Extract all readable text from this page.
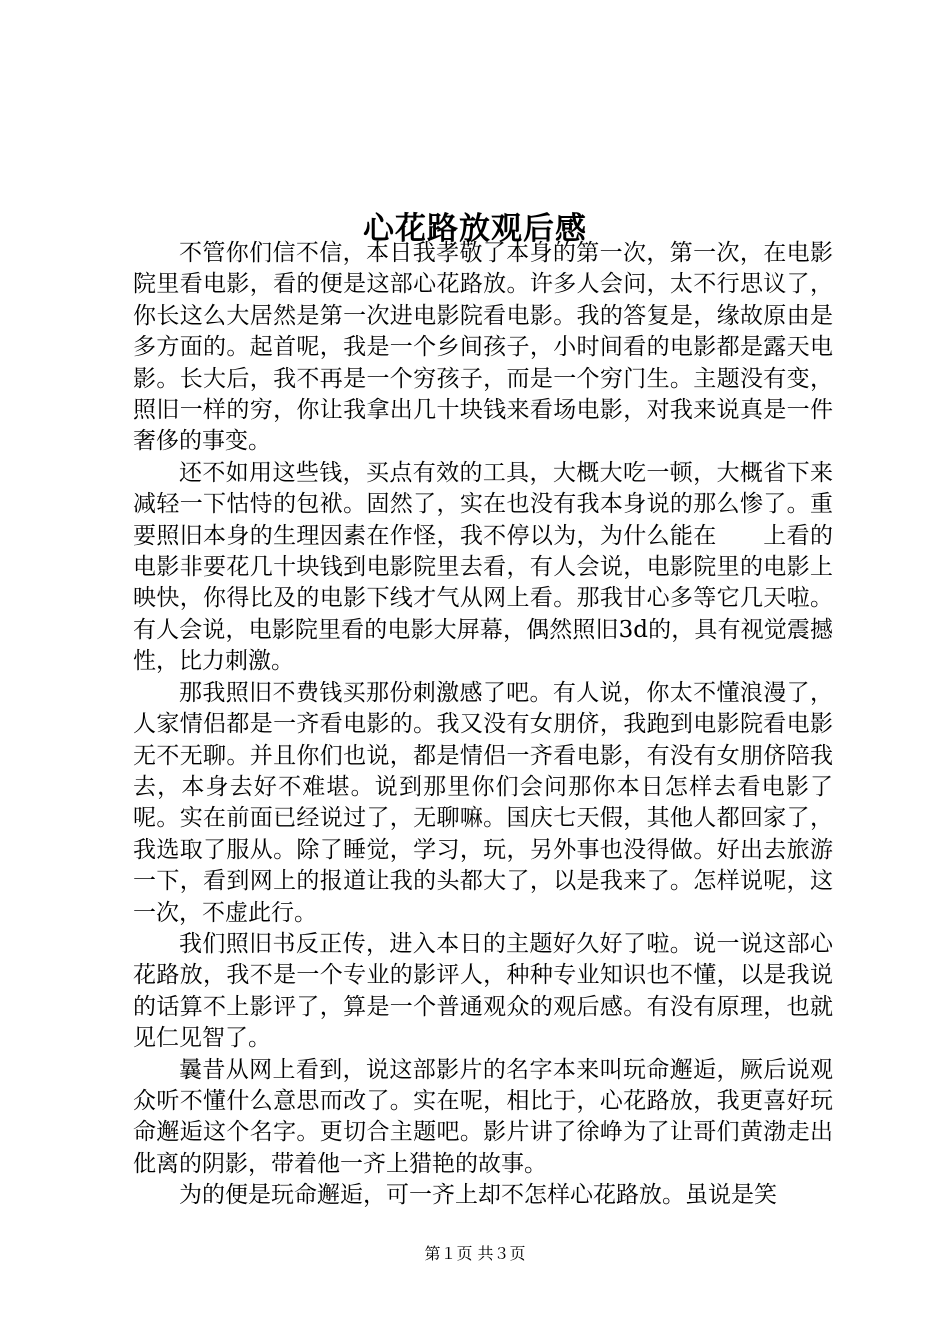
心花路放观后感

不管你们信不信，本日我孝敬了本身的第一次，第一次，在电影院里看电影，看的便是这部心花路放。许多人会问，太不行思议了，你长这么大居然是第一次进电影院看电影。我的答复是，缘故原由是多方面的。起首呢，我是一个乡间孩子，小时间看的电影都是露天电影。长大后，我不再是一个穷孩子，而是一个穷门生。主题没有变，照旧一样的穷，你让我拿出几十块钱来看场电影，对我来说真是一件奢侈的事变。

还不如用这些钱，买点有效的工具，大概大吃一顿，大概省下来减轻一下怙恃的包袱。固然了，实在也没有我本身说的那么惨了。重要照旧本身的生理因素在作怪，我不停以为，为什么能在　　上看的电影非要花几十块钱到电影院里去看，有人会说，电影院里的电影上映快，你得比及的电影下线才气从网上看。那我甘心多等它几天啦。有人会说，电影院里看的电影大屏幕，偶然照旧3d的，具有视觉震撼性，比力刺激。

那我照旧不费钱买那份刺激感了吧。有人说，你太不懂浪漫了，人家情侣都是一齐看电影的。我又没有女朋侪，我跑到电影院看电影无不无聊。并且你们也说，都是情侣一齐看电影，有没有女朋侪陪我去，本身去好不难堪。说到那里你们会问那你本日怎样去看电影了呢。实在前面已经说过了，无聊嘛。国庆七天假，其他人都回家了，我选取了服从。除了睡觉，学习，玩，另外事也没得做。好出去旅游一下，看到网上的报道让我的头都大了，以是我来了。怎样说呢，这一次，不虚此行。

我们照旧书反正传，进入本日的主题好久好了啦。说一说这部心花路放，我不是一个专业的影评人，种种专业知识也不懂，以是我说的话算不上影评了，算是一个普通观众的观后感。有没有原理，也就见仁见智了。

曩昔从网上看到，说这部影片的名字本来叫玩命邂逅，厥后说观众听不懂什么意思而改了。实在呢，相比于，心花路放，我更喜好玩命邂逅这个名字。更切合主题吧。影片讲了徐峥为了让哥们黄渤走出仳离的阴影，带着他一齐上猎艳的故事。

为的便是玩命邂逅，可一齐上却不怎样心花路放。虽说是笑

第１页 共３页
